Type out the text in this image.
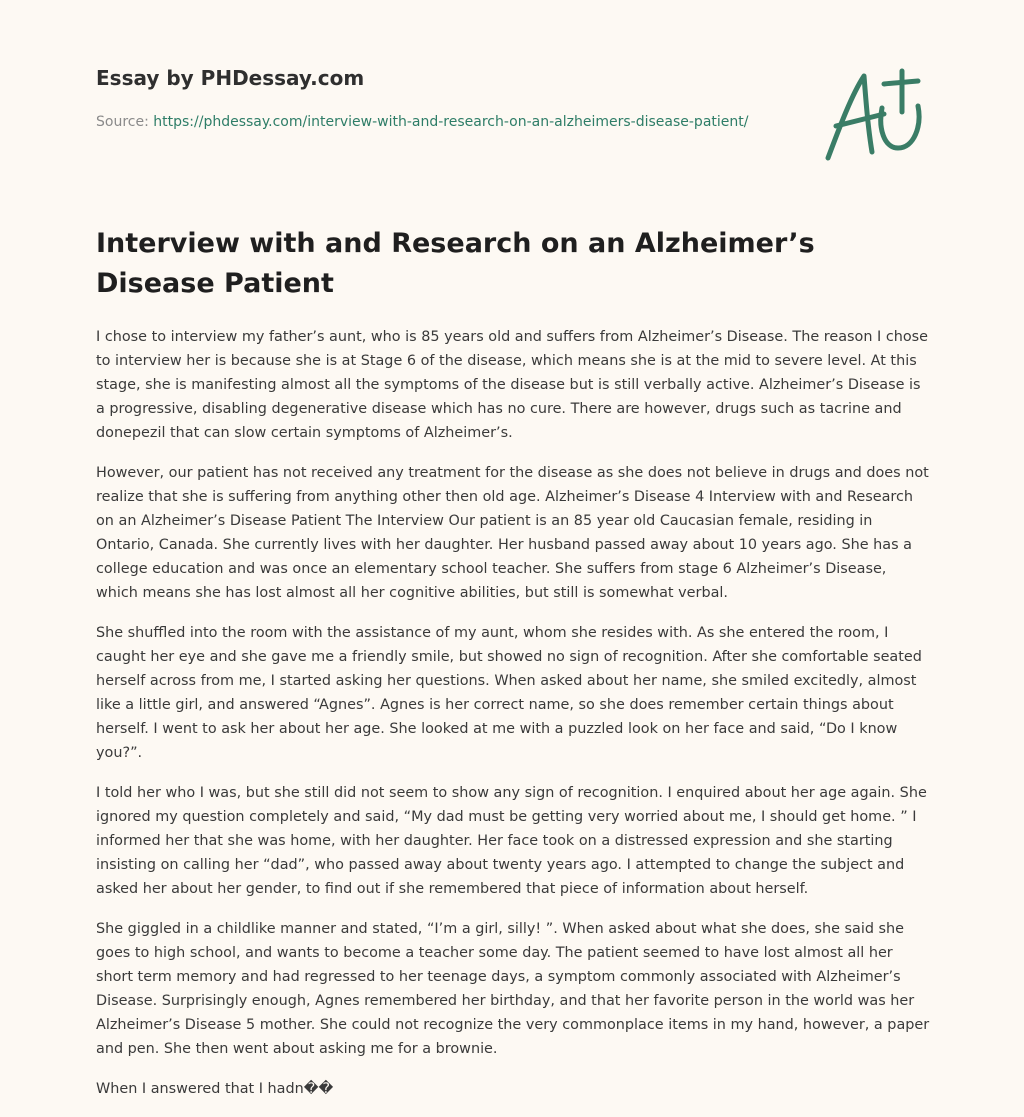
Essay by PHDessay.com
Source: https://phdessay.com/interview-with-and-research-on-an-alzheimers-disease-patient/
Interview with and Research on an Alzheimer’s Disease Patient

I chose to interview my father’s aunt, who is 85 years old and suffers from Alzheimer’s Disease. The reason I chose to interview her is because she is at Stage 6 of the disease, which means she is at the mid to severe level. At this stage, she is manifesting almost all the symptoms of the disease but is still verbally active. Alzheimer’s Disease is a progressive, disabling degenerative disease which has no cure. There are however, drugs such as tacrine and donepezil that can slow certain symptoms of Alzheimer’s.

However, our patient has not received any treatment for the disease as she does not believe in drugs and does not realize that she is suffering from anything other then old age. Alzheimer’s Disease 4 Interview with and Research on an Alzheimer’s Disease Patient The Interview Our patient is an 85 year old Caucasian female, residing in Ontario, Canada. She currently lives with her daughter. Her husband passed away about 10 years ago. She has a college education and was once an elementary school teacher. She suffers from stage 6 Alzheimer’s Disease, which means she has lost almost all her cognitive abilities, but still is somewhat verbal.

She shuffled into the room with the assistance of my aunt, whom she resides with. As she entered the room, I caught her eye and she gave me a friendly smile, but showed no sign of recognition. After she comfortable seated herself across from me, I started asking her questions. When asked about her name, she smiled excitedly, almost like a little girl, and answered “Agnes”. Agnes is her correct name, so she does remember certain things about herself. I went to ask her about her age. She looked at me with a puzzled look on her face and said, “Do I know you?”.

I told her who I was, but she still did not seem to show any sign of recognition. I enquired about her age again. She ignored my question completely and said, “My dad must be getting very worried about me, I should get home. ” I informed her that she was home, with her daughter. Her face took on a distressed expression and she starting insisting on calling her “dad”, who passed away about twenty years ago. I attempted to change the subject and asked her about her gender, to find out if she remembered that piece of information about herself.

She giggled in a childlike manner and stated, “I’m a girl, silly! ”. When asked about what she does, she said she goes to high school, and wants to become a teacher some day. The patient seemed to have lost almost all her short term memory and had regressed to her teenage days, a symptom commonly associated with Alzheimer’s Disease. Surprisingly enough, Agnes remembered her birthday, and that her favorite person in the world was her Alzheimer’s Disease 5 mother. She could not recognize the very commonplace items in my hand, however, a paper and pen. She then went about asking me for a brownie.

When I answered that I hadn��
